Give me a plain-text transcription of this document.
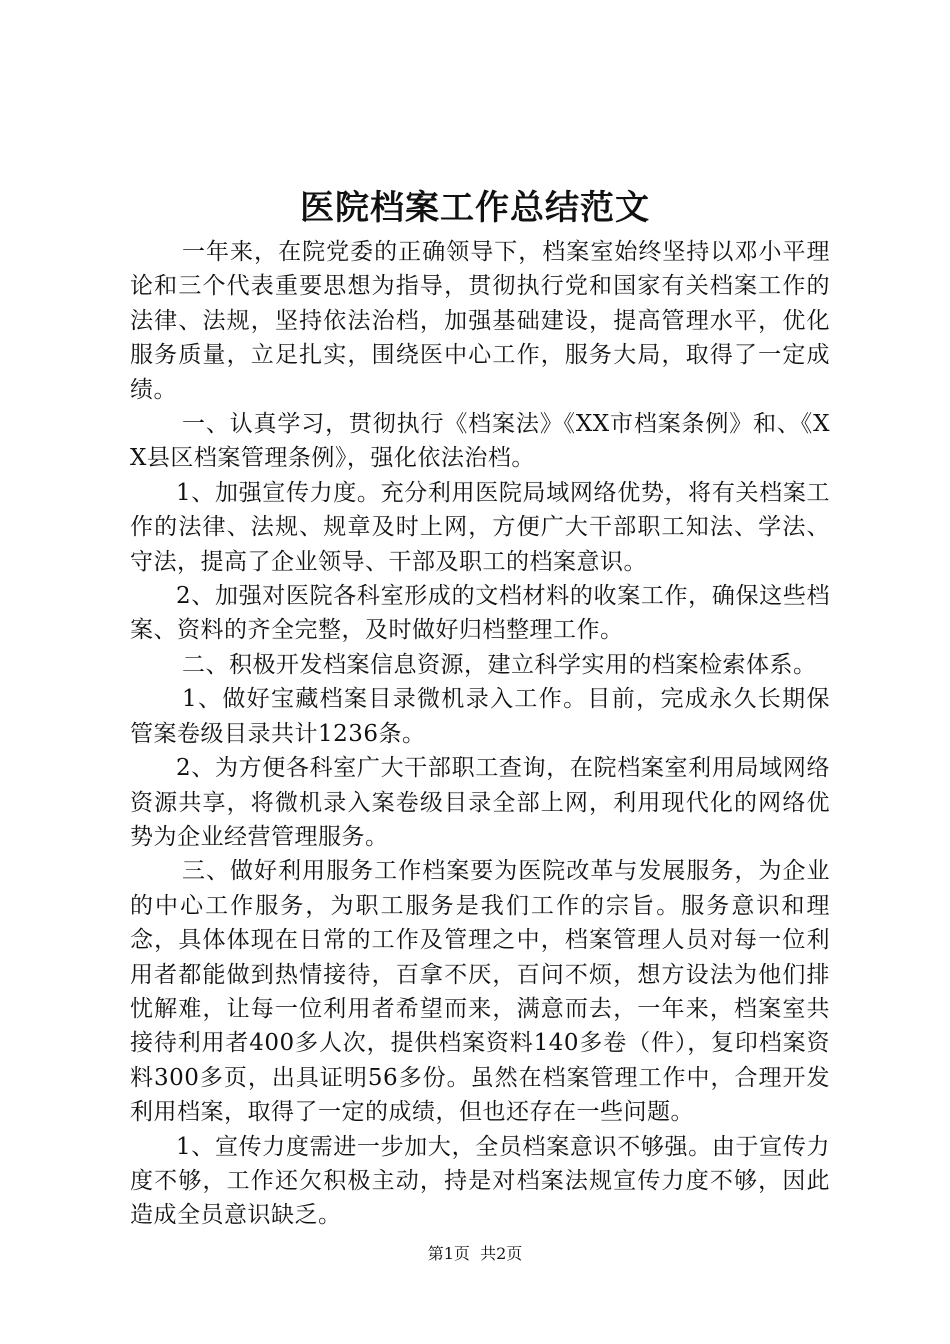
医院档案工作总结范文

一年来，在院党委的正确领导下，档案室始终坚持以邓小平理论和三个代表重要思想为指导，贯彻执行党和国家有关档案工作的法律、法规，坚持依法治档，加强基础建设，提高管理水平，优化服务质量，立足扎实，围绕医中心工作，服务大局，取得了一定成绩。

一、认真学习，贯彻执行《档案法》《XX市档案条例》和、《XX县区档案管理条例》，强化依法治档。

1、加强宣传力度。充分利用医院局域网络优势，将有关档案工作的法律、法规、规章及时上网，方便广大干部职工知法、学法、守法，提高了企业领导、干部及职工的档案意识。

2、加强对医院各科室形成的文档材料的收案工作，确保这些档案、资料的齐全完整，及时做好归档整理工作。

二、积极开发档案信息资源，建立科学实用的档案检索体系。

1、做好宝藏档案目录微机录入工作。目前，完成永久长期保管案卷级目录共计1236条。

2、为方便各科室广大干部职工查询，在院档案室利用局域网络资源共享，将微机录入案卷级目录全部上网，利用现代化的网络优势为企业经营管理服务。

三、做好利用服务工作档案要为医院改革与发展服务，为企业的中心工作服务，为职工服务是我们工作的宗旨。服务意识和理念，具体体现在日常的工作及管理之中，档案管理人员对每一位利用者都能做到热情接待，百拿不厌，百问不烦，想方设法为他们排忧解难，让每一位利用者希望而来，满意而去，一年来，档案室共接待利用者400多人次，提供档案资料140多卷（件），复印档案资料300多页，出具证明56多份。虽然在档案管理工作中，合理开发利用档案，取得了一定的成绩，但也还存在一些问题。

1、宣传力度需进一步加大，全员档案意识不够强。由于宣传力度不够，工作还欠积极主动，持是对档案法规宣传力度不够，因此造成全员意识缺乏。

第1页  共2页
